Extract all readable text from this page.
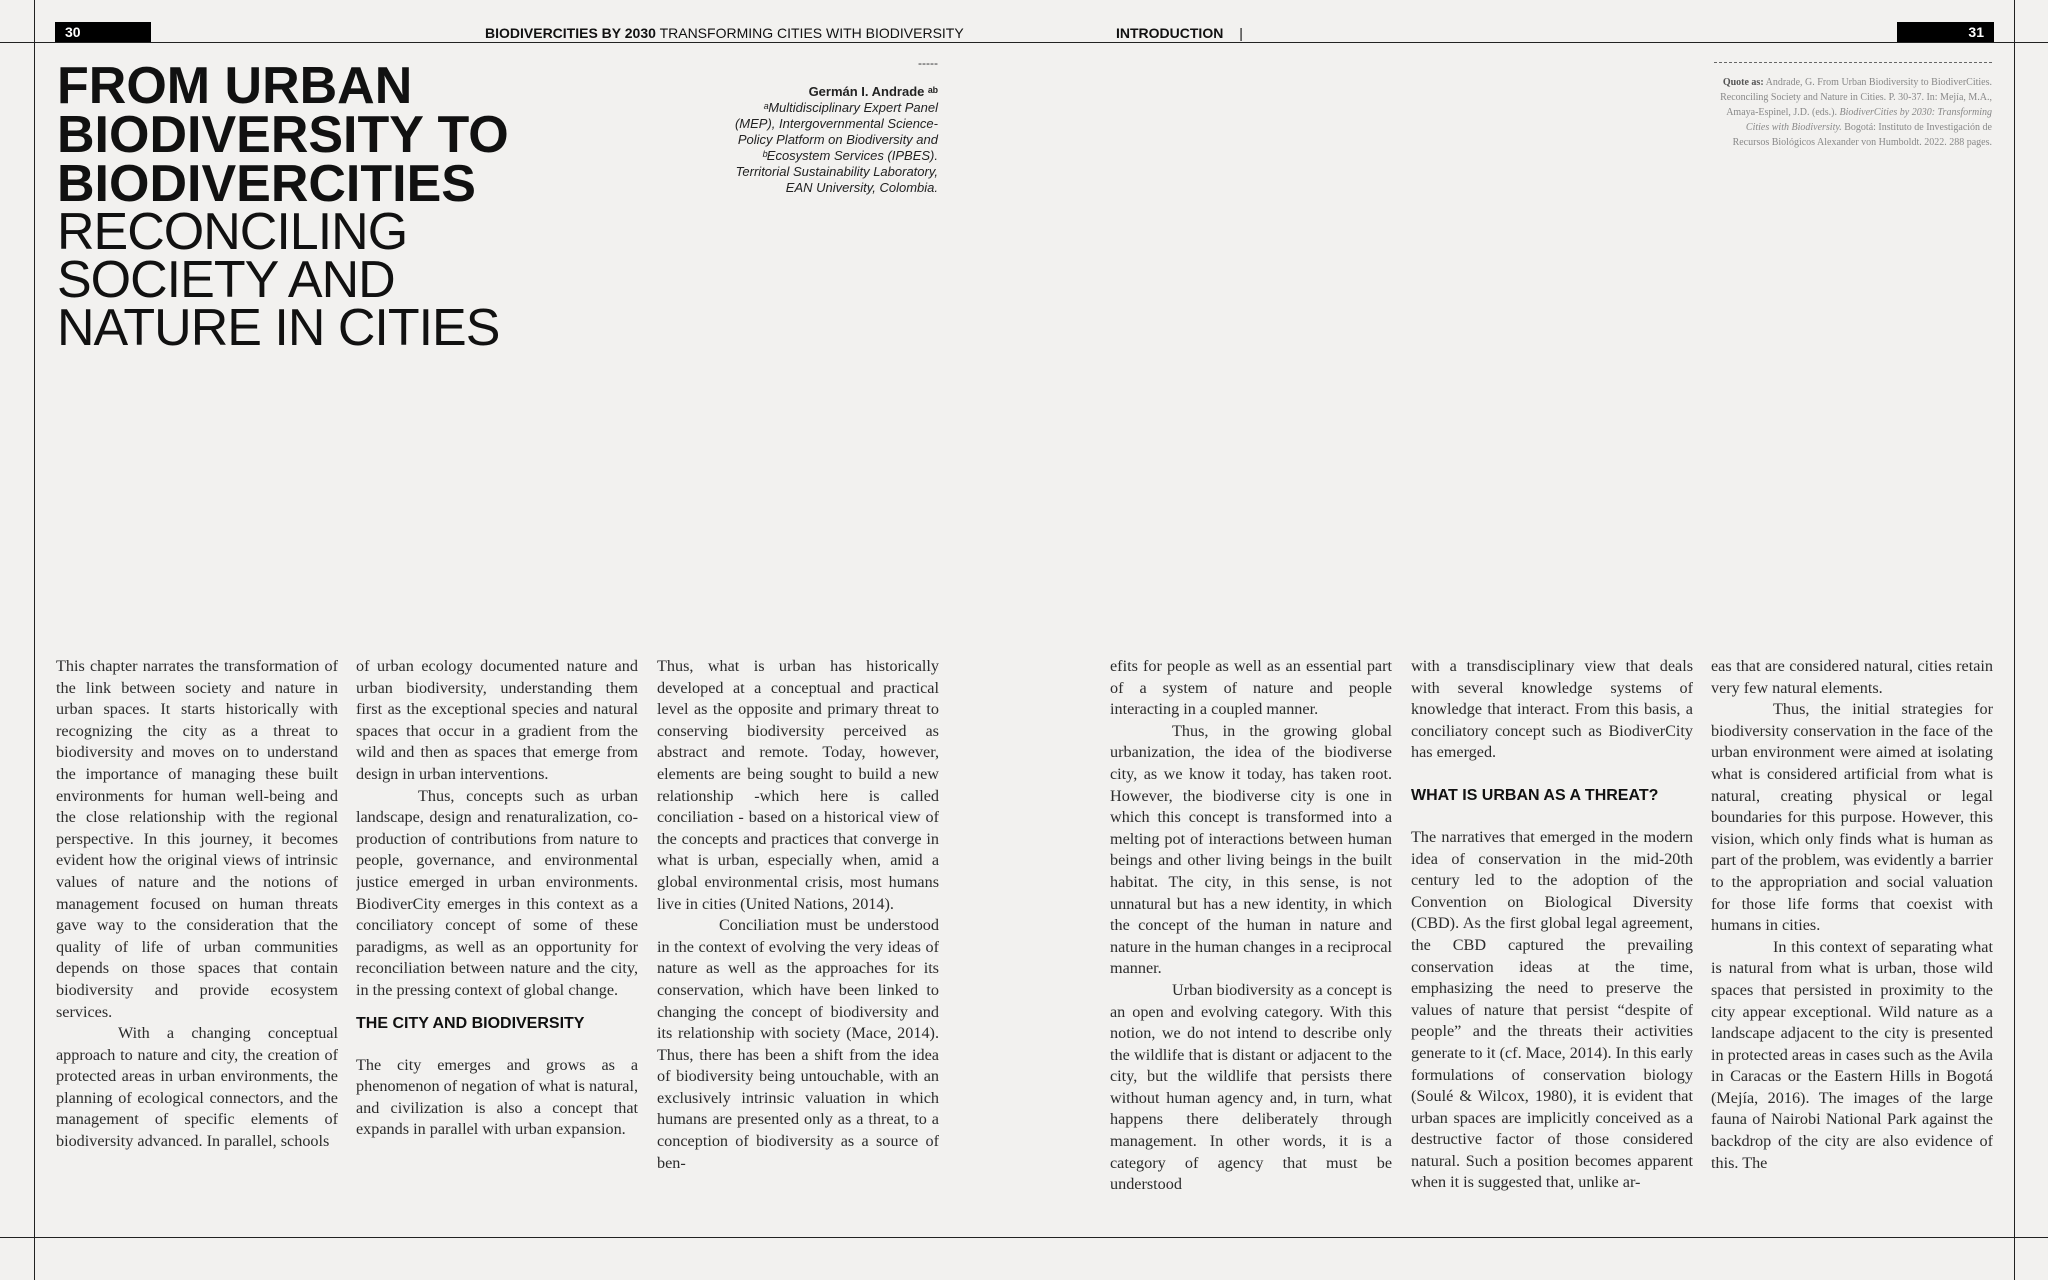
30	BIODIVERCITIES BY 2030 TRANSFORMING CITIES WITH BIODIVERSITY	INTRODUCTION |	31
FROM URBAN
BIODIVERSITY TO
BIODIVERCITIES
RECONCILING
SOCIETY AND
NATURE IN CITIES
-----
Germán I. Andrade ᵃᵇ
ᵃMultidisciplinary Expert Panel
(MEP), Intergovernmental Science-
Policy Platform on Biodiversity and
ᵇEcosystem Services (IPBES).
Territorial Sustainability Laboratory,
EAN University, Colombia.
Quote as: Andrade, G. From Urban Biodiversity to BiodiverCities. Reconciling Society and Nature in Cities. P. 30-37. In: Mejía, M.A., Amaya-Espinel, J.D. (eds.). BiodiverCities by 2030: Transforming Cities with Biodiversity. Bogotá: Instituto de Investigación de Recursos Biológicos Alexander von Humboldt. 2022. 288 pages.

This chapter narrates the transformation of the link between society and nature in urban spaces. It starts historically with recognizing the city as a threat to biodiversity and moves on to understand the importance of managing these built environments for human well-being and the close relationship with the regional perspective. In this journey, it becomes evident how the original views of intrinsic values of nature and the notions of management focused on human threats gave way to the consideration that the quality of life of urban communities depends on those spaces that contain biodiversity and provide ecosystem services.

With a changing conceptual approach to nature and city, the creation of protected areas in urban environments, the planning of ecological connectors, and the management of specific elements of biodiversity advanced. In parallel, schools

of urban ecology documented nature and urban biodiversity, understanding them first as the exceptional species and natural spaces that occur in a gradient from the wild and then as spaces that emerge from design in urban interventions.

Thus, concepts such as urban landscape, design and renaturalization, co-production of contributions from nature to people, governance, and environmental justice emerged in urban environments. BiodiverCity emerges in this context as a conciliatory concept of some of these paradigms, as well as an opportunity for reconciliation between nature and the city, in the pressing context of global change.

THE CITY AND BIODIVERSITY

The city emerges and grows as a phenomenon of negation of what is natural, and civilization is also a concept that expands in parallel with urban expansion.

Thus, what is urban has historically developed at a conceptual and practical level as the opposite and primary threat to conserving biodiversity perceived as abstract and remote. Today, however, elements are being sought to build a new relationship -which here is called conciliation - based on a historical view of the concepts and practices that converge in what is urban, especially when, amid a global environmental crisis, most humans live in cities (United Nations, 2014).

Conciliation must be understood in the context of evolving the very ideas of nature as well as the approaches for its conservation, which have been linked to changing the concept of biodiversity and its relationship with society (Mace, 2014). Thus, there has been a shift from the idea of biodiversity being untouchable, with an exclusively intrinsic valuation in which humans are presented only as a threat, to a conception of biodiversity as a source of ben-

efits for people as well as an essential part of a system of nature and people interacting in a coupled manner.

Thus, in the growing global urbanization, the idea of the biodiverse city, as we know it today, has taken root. However, the biodiverse city is one in which this concept is transformed into a melting pot of interactions between human beings and other living beings in the built habitat. The city, in this sense, is not unnatural but has a new identity, in which the concept of the human in nature and nature in the human changes in a reciprocal manner.

Urban biodiversity as a concept is an open and evolving category. With this notion, we do not intend to describe only the wildlife that is distant or adjacent to the city, but the wildlife that persists there without human agency and, in turn, what happens there deliberately through management. In other words, it is a category of agency that must be understood

with a transdisciplinary view that deals with several knowledge systems of knowledge that interact. From this basis, a conciliatory concept such as BiodiverCity has emerged.

WHAT IS URBAN AS A THREAT?

The narratives that emerged in the modern idea of conservation in the mid-20th century led to the adoption of the Convention on Biological Diversity (CBD). As the first global legal agreement, the CBD captured the prevailing conservation ideas at the time, emphasizing the need to preserve the values of nature that persist “despite of people” and the threats their activities generate to it (cf. Mace, 2014). In this early formulations of conservation biology (Soulé & Wilcox, 1980), it is evident that urban spaces are implicitly conceived as a destructive factor of those considered natural. Such a position becomes apparent when it is suggested that, unlike ar-

eas that are considered natural, cities retain very few natural elements.

Thus, the initial strategies for biodiversity conservation in the face of the urban environment were aimed at isolating what is considered artificial from what is natural, creating physical or legal boundaries for this purpose. However, this vision, which only finds what is human as part of the problem, was evidently a barrier to the appropriation and social valuation for those life forms that coexist with humans in cities.

In this context of separating what is natural from what is urban, those wild spaces that persisted in proximity to the city appear exceptional. Wild nature as a landscape adjacent to the city is presented in protected areas in cases such as the Avila in Caracas or the Eastern Hills in Bogotá (Mejía, 2016). The images of the large fauna of Nairobi National Park against the backdrop of the city are also evidence of this. The
